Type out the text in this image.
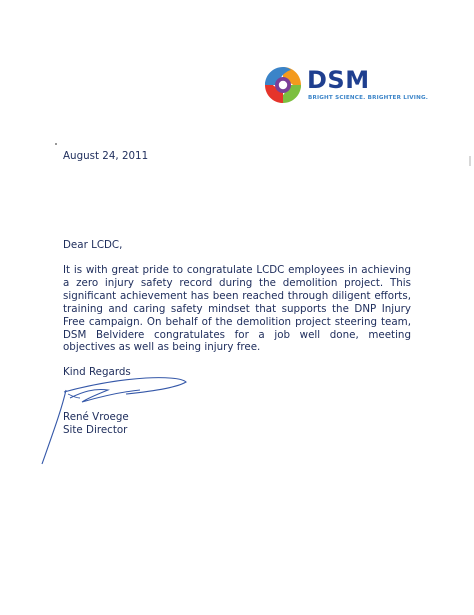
DSM
BRIGHT SCIENCE. BRIGHTER LIVING.
August 24, 2011
Dear LCDC,
It is with great pride to congratulate LCDC employees in achieving a zero injury safety record during the demolition project. This significant achievement has been reached through diligent efforts, training and caring safety mindset that supports the DNP Injury Free campaign. On behalf of the demolition project steering team, DSM Belvidere congratulates for a job well done, meeting objectives as well as being injury free.
Kind Regards
René Vroege
Site Director
